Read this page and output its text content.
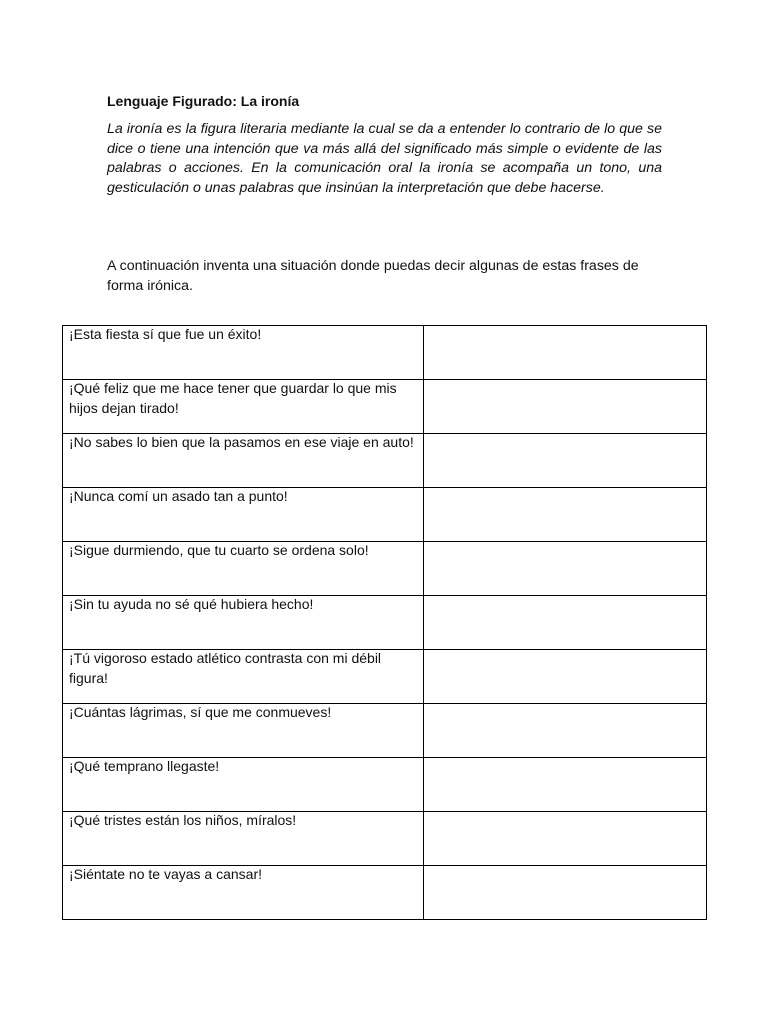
Lenguaje Figurado: La ironía

La ironía es la figura literaria mediante la cual se da a entender lo contrario de lo que se dice o tiene una intención que va más allá del significado más simple o evidente de las palabras o acciones. En la comunicación oral la ironía se acompaña un tono, una gesticulación o unas palabras que insinúan la interpretación que debe hacerse.

A continuación inventa una situación donde puedas decir algunas de estas frases de forma irónica.

¡Esta fiesta sí que fue un éxito!	

¡Qué feliz que me hace tener que guardar lo que mis hijos dejan tirado!	

¡No sabes lo bien que la pasamos en ese viaje en auto!	

¡Nunca comí un asado tan a punto!	

¡Sigue durmiendo, que tu cuarto se ordena solo!	

¡Sin tu ayuda no sé qué hubiera hecho!	

¡Tú vigoroso estado atlético contrasta con mi débil figura!	

¡Cuántas lágrimas, sí que me conmueves!	

¡Qué temprano llegaste!	

¡Qué tristes están los niños, míralos!	

¡Siéntate no te vayas a cansar!	
